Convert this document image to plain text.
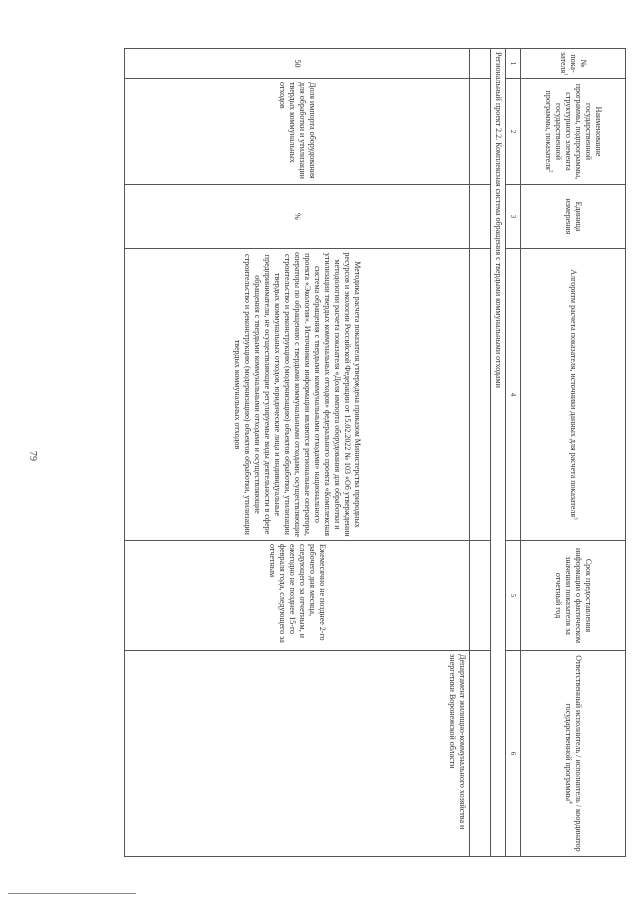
79
№ пока-зателя$^1$	Наименование государственной программы, подпрограммы, структурного элемента государственной программы, показателя$^2$	Единица измерения	Алгоритм расчета показателя, источники данных для расчета показателя$^3$	Срок предоставления информации о фактическом значении показателя за отчетный год	Ответственный исполнитель / исполнитель / координатор государственной программы$^4$
1	2	3	4	5	6
Региональный проект 2.2. Комплексная система обращения с твердыми коммунальными отходами					

50	Доля импорта оборудования для обработки и утилизации твердых коммунальных отходов	%	Методика расчета показателя утверждена приказом Министерства природных ресурсов и экологии Российской Федерации от 15.02.2022 № 103 «Об утверждении методологии расчета показателя «Доля импорта оборудования для обработки и утилизации твердых коммунальных отходов» федерального проекта «Комплексная система обращения с твердыми коммунальными отходами» национального проекта «Экология». Источником информации являются региональные операторы, операторы по обращению с твердыми коммунальными отходами, осуществляющие строительство и реконструкцию (модернизацию) объектов обработки, утилизации твердых коммунальных отходов, юридические лица и индивидуальные предприниматели, не осуществляющие регулируемые виды деятельности в сфере обращения с твердыми коммунальными отходами и осуществляющие строительство и реконструкцию (модернизацию) объектов обработки, утилизации твердых коммунальных отходов	Ежемесячно не позднее 2-го рабочего дня месяца, следующего за отчетным, и ежегодно не позднее 15-го февраля года, следующего за отчетным	Департамент жилищно-коммунального хозяйства и энергетики Воронежской области
